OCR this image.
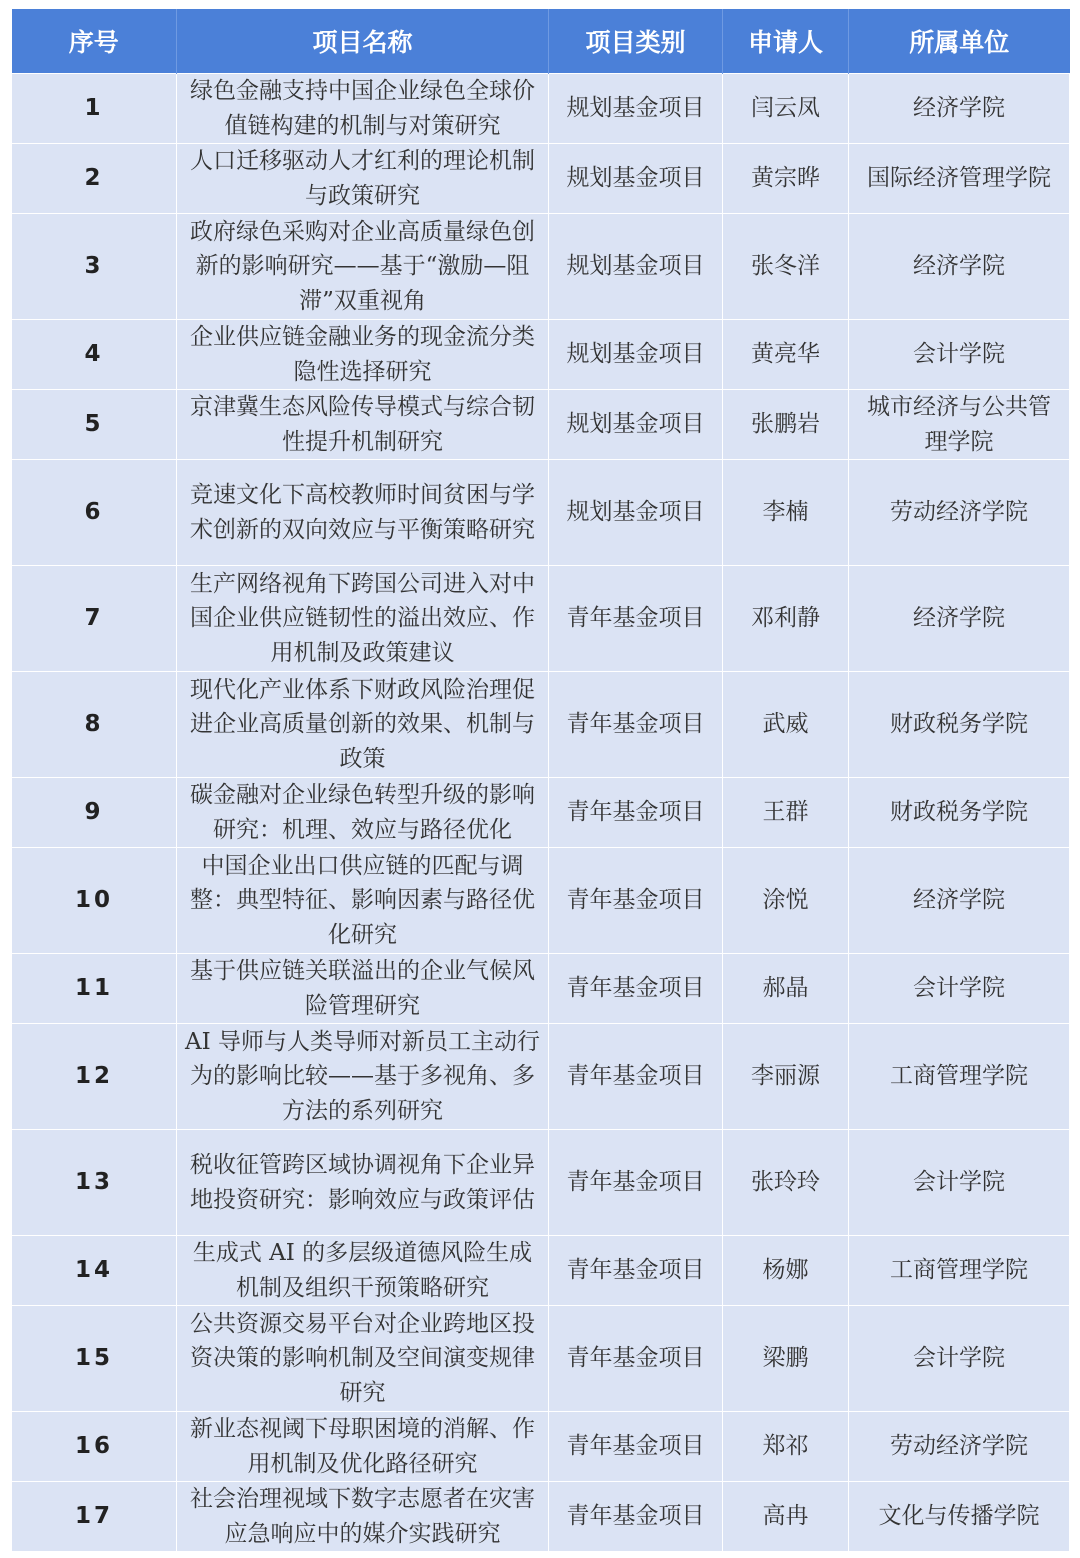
序号	项目名称	项目类别	申请人	所属单位
1	绿色金融支持中国企业绿色全球价值链构建的机制与对策研究	规划基金项目	闫云凤	经济学院
2	人口迁移驱动人才红利的理论机制与政策研究	规划基金项目	黄宗晔	国际经济管理学院
3	政府绿色采购对企业高质量绿色创新的影响研究——基于“激励—阻滞”双重视角	规划基金项目	张冬洋	经济学院
4	企业供应链金融业务的现金流分类隐性选择研究	规划基金项目	黄亮华	会计学院
5	京津冀生态风险传导模式与综合韧性提升机制研究	规划基金项目	张鹏岩	城市经济与公共管理学院
6	竞速文化下高校教师时间贫困与学术创新的双向效应与平衡策略研究	规划基金项目	李楠	劳动经济学院
7	生产网络视角下跨国公司进入对中国企业供应链韧性的溢出效应、作用机制及政策建议	青年基金项目	邓利静	经济学院
8	现代化产业体系下财政风险治理促进企业高质量创新的效果、机制与政策	青年基金项目	武威	财政税务学院
9	碳金融对企业绿色转型升级的影响研究：机理、效应与路径优化	青年基金项目	王群	财政税务学院
10	中国企业出口供应链的匹配与调整：典型特征、影响因素与路径优化研究	青年基金项目	涂悦	经济学院
11	基于供应链关联溢出的企业气候风险管理研究	青年基金项目	郝晶	会计学院
12	AI 导师与人类导师对新员工主动行为的影响比较——基于多视角、多方法的系列研究	青年基金项目	李丽源	工商管理学院
13	税收征管跨区域协调视角下企业异地投资研究：影响效应与政策评估	青年基金项目	张玲玲	会计学院
14	生成式 AI 的多层级道德风险生成机制及组织干预策略研究	青年基金项目	杨娜	工商管理学院
15	公共资源交易平台对企业跨地区投资决策的影响机制及空间演变规律研究	青年基金项目	梁鹏	会计学院
16	新业态视阈下母职困境的消解、作用机制及优化路径研究	青年基金项目	郑祁	劳动经济学院
17	社会治理视域下数字志愿者在灾害应急响应中的媒介实践研究	青年基金项目	高冉	文化与传播学院
